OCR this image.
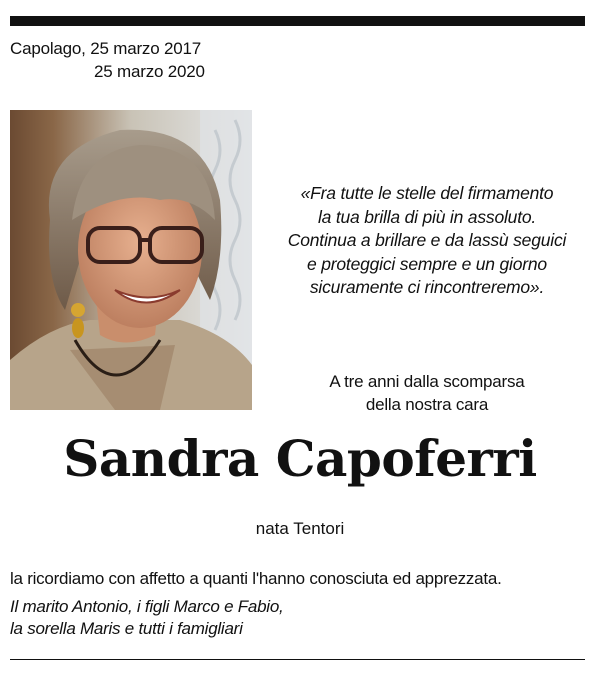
Capolago, 25 marzo 2017
25 marzo 2020
«Fra tutte le stelle del firmamento
la tua brilla di più in assoluto.
Continua a brillare e da lassù seguici
e proteggici sempre e un giorno
sicuramente ci rincontreremo».
A tre anni dalla scomparsa
della nostra cara
Sandra Capoferri
nata Tentori
la ricordiamo con affetto a quanti l'hanno conosciuta ed apprezzata.
Il marito Antonio, i figli Marco e Fabio,
la sorella Maris e tutti i famigliari
